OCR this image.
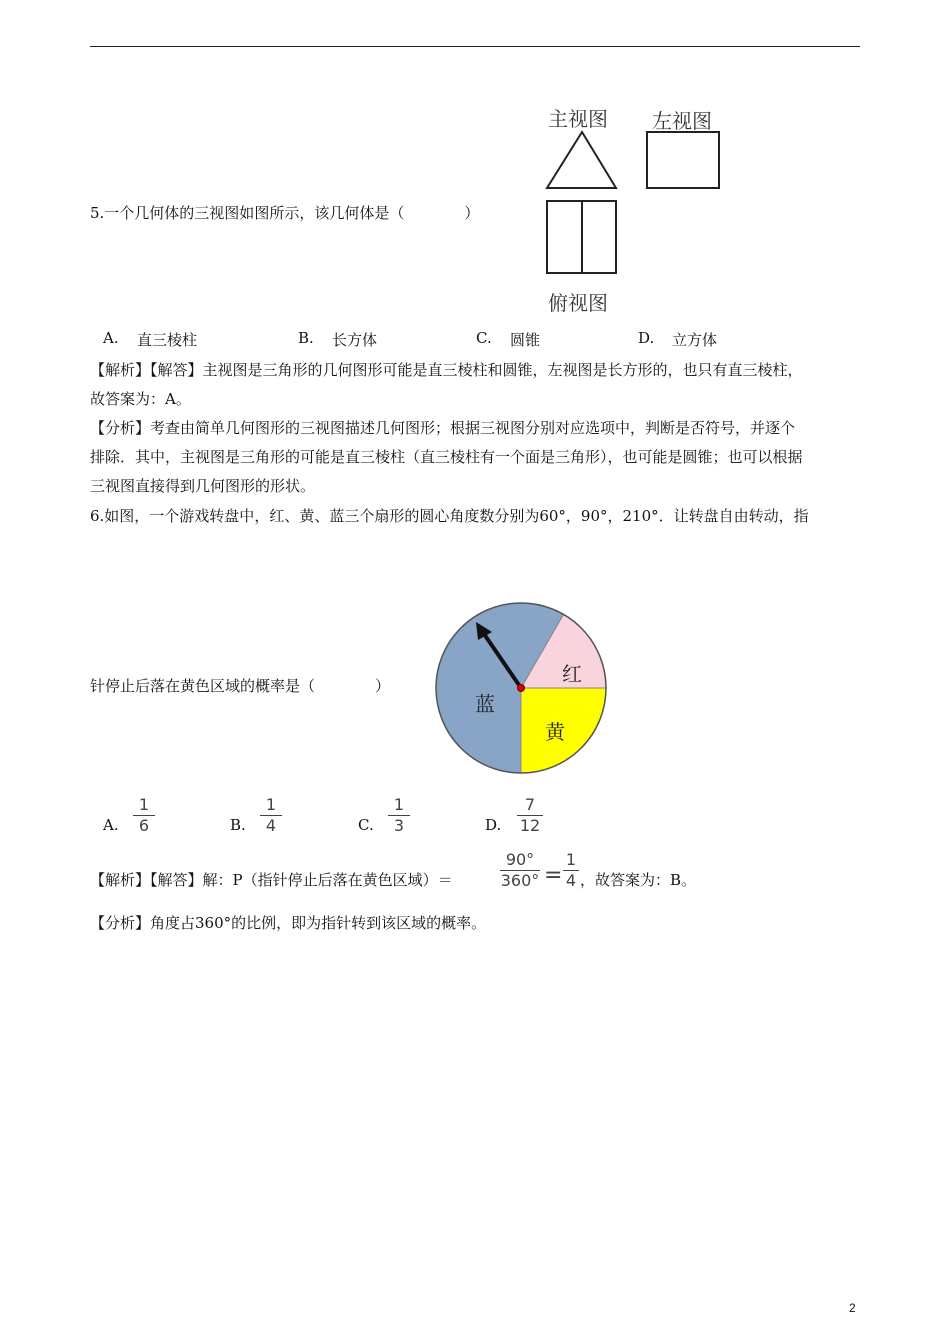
5.一个几何体的三视图如图所示，该几何体是（　　　　）
主视图 左视图
俯视图
A. 直三棱柱	B. 长方体	C. 圆锥	D. 立方体
【解析】【解答】主视图是三角形的几何图形可能是直三棱柱和圆锥，左视图是长方形的，也只有直三棱柱，
故答案为：A。
【分析】考查由简单几何图形的三视图描述几何图形；根据三视图分别对应选项中，判断是否符号，并逐个
排除．其中，主视图是三角形的可能是直三棱柱（直三棱柱有一个面是三角形），也可能是圆锥；也可以根据
三视图直接得到几何图形的形状。
6.如图，一个游戏转盘中，红、黄、蓝三个扇形的圆心角度数分别为60°，90°，210°．让转盘自由转动，指
针停止后落在黄色区域的概率是（　　　　）	红
黄
蓝
A.
1
6	B.
1
4	C.
1
3	D.
7
12
【解析】【解答】解：P（指针停止后落在黄色区域）＝
90°
360° =
1
4 ，故答案为：B。
【分析】角度占360°的比例，即为指针转到该区域的概率。
2
